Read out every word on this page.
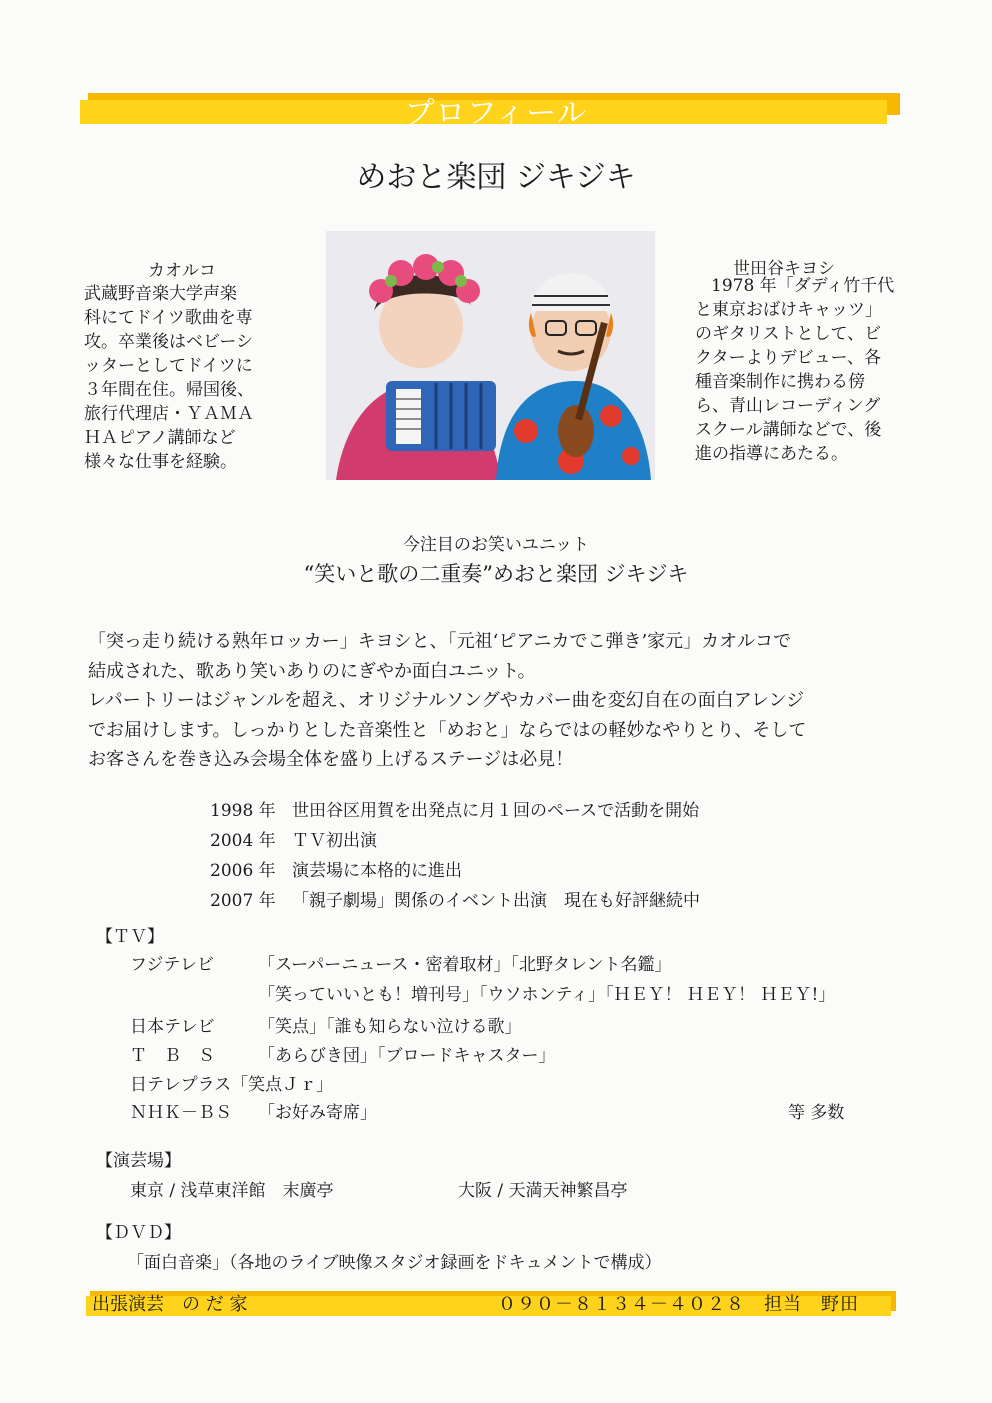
プロフィール
めおと楽団 ジキジキ
カオルコ
武蔵野音楽大学声楽
科にてドイツ歌曲を専
攻。卒業後はベビーシ
ッターとしてドイツに
３年間在住。帰国後、
旅行代理店・ＹＡＭＡ
ＨＡピアノ講師など
様々な仕事を経験。
世田谷キヨシ
1978 年「ダディ竹千代
と東京おばけキャッツ」
のギタリストとして、ビ
クターよりデビュー、各
種音楽制作に携わる傍
ら、青山レコーディング
スクール講師などで、後
進の指導にあたる。
今注目のお笑いユニット
“笑いと歌の二重奏”めおと楽団 ジキジキ

「突っ走り続ける熟年ロッカー」キヨシと、「元祖‘ピアニカでこ弾き’家元」カオルコで

結成された、歌あり笑いありのにぎやか面白ユニット。

レパートリーはジャンルを超え、オリジナルソングやカバー曲を変幻自在の面白アレンジ

でお届けします。しっかりとした音楽性と「めおと」ならではの軽妙なやりとり、そして

お客さんを巻き込み会場全体を盛り上げるステージは必見！

1998 年 世田谷区用賀を出発点に月１回のペースで活動を開始
2004 年 ＴＶ初出演
2006 年 演芸場に本格的に進出
2007 年 「親子劇場」関係のイベント出演　現在も好評継続中
【ＴＶ】
フジテレビ	「スーパーニュース・密着取材」「北野タレント名鑑」
「笑っていいとも！増刊号」「ウソホンティ」「ＨＥＹ！ ＨＥＹ！ ＨＥＹ!」
日本テレビ	「笑点」「誰も知らない泣ける歌」
Ｔ　Ｂ　Ｓ	「あらびき団」「ブロードキャスター」
日テレプラス「笑点Ｊｒ」
ＮＨＫ－ＢＳ 「お好み寄席」	等 多数
【演芸場】
東京 / 浅草東洋館　末廣亭	大阪 / 天満天神繁昌亭
【ＤＶＤ】
「面白音楽」（各地のライブ映像スタジオ録画をドキュメントで構成）
出張演芸　の だ 家	０９０－８１３４－４０２８　担当　野田
